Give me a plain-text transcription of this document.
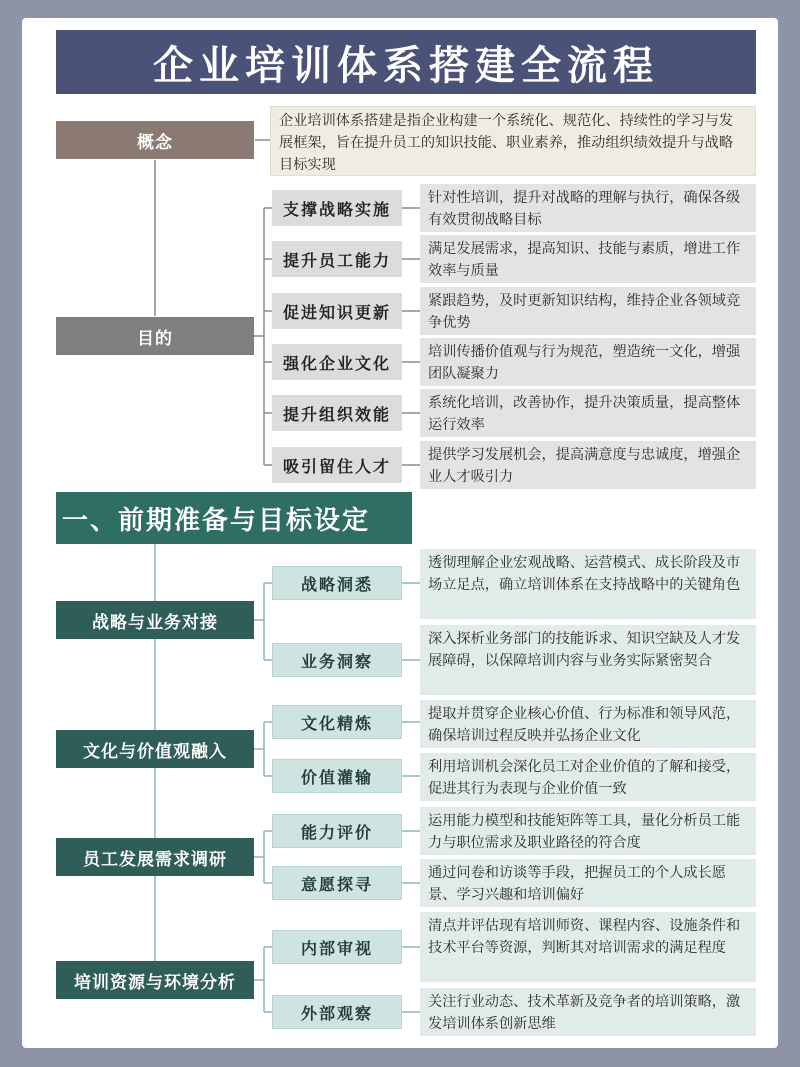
企业培训体系搭建全流程
概念
企业培训体系搭建是指企业构建一个系统化、规范化、持续性的学习与发展框架，旨在提升员工的知识技能、职业素养，推动组织绩效提升与战略目标实现
目的
支撑战略实施
针对性培训，提升对战略的理解与执行，确保各级有效贯彻战略目标
提升员工能力
满足发展需求，提高知识、技能与素质，增进工作效率与质量
促进知识更新
紧跟趋势，及时更新知识结构，维持企业各领域竞争优势
强化企业文化
培训传播价值观与行为规范，塑造统一文化，增强团队凝聚力
提升组织效能
系统化培训，改善协作，提升决策质量，提高整体运行效率
吸引留住人才
提供学习发展机会，提高满意度与忠诚度，增强企业人才吸引力
一、前期准备与目标设定
战略与业务对接
战略洞悉
透彻理解企业宏观战略、运营模式、成长阶段及市场立足点，确立培训体系在支持战略中的关键角色
业务洞察
深入探析业务部门的技能诉求、知识空缺及人才发展障碍，以保障培训内容与业务实际紧密契合
文化与价值观融入
文化精炼	提取并贯穿企业核心价值、行为标准和领导风范，确保培训过程反映并弘扬企业文化
价值灌输
利用培训机会深化员工对企业价值的了解和接受，促进其行为表现与企业价值一致
员工发展需求调研
能力评价
运用能力模型和技能矩阵等工具，量化分析员工能力与职位需求及职业路径的符合度
意愿探寻
通过问卷和访谈等手段，把握员工的个人成长愿景、学习兴趣和培训偏好
培训资源与环境分析
内部审视
清点并评估现有培训师资、课程内容、设施条件和技术平台等资源，判断其对培训需求的满足程度
外部观察
关注行业动态、技术革新及竞争者的培训策略，激发培训体系创新思维
